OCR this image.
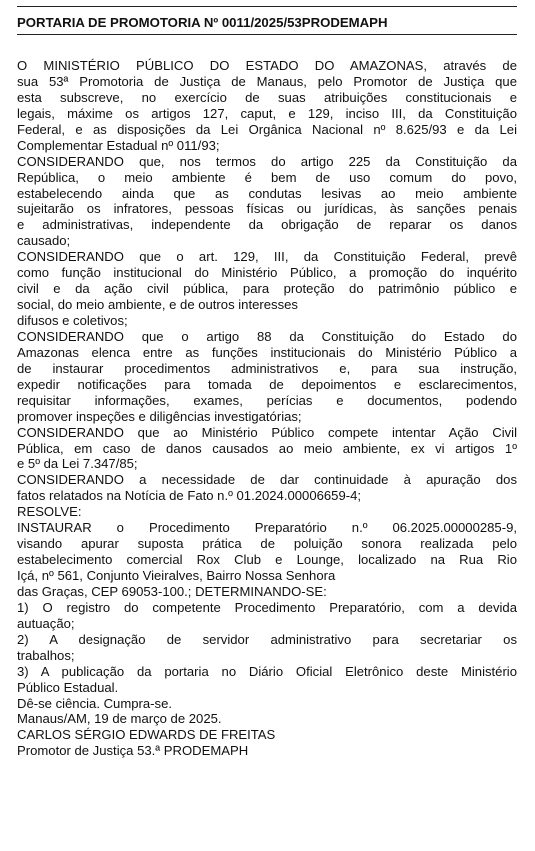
PORTARIA DE PROMOTORIA Nº 0011/2025/53PRODEMAPH
O MINISTÉRIO PÚBLICO DO ESTADO DO AMAZONAS, através de
sua 53ª Promotoria de Justiça de Manaus, pelo Promotor de Justiça que
esta subscreve, no exercício de suas atribuições constitucionais e
legais, máxime os artigos 127, caput, e 129, inciso III, da Constituição
Federal, e as disposições da Lei Orgânica Nacional nº 8.625/93 e da Lei
Complementar Estadual nº 011/93;
CONSIDERANDO que, nos termos do artigo 225 da Constituição da
República, o meio ambiente é bem de uso comum do povo,
estabelecendo ainda que as condutas lesivas ao meio ambiente
sujeitarão os infratores, pessoas físicas ou jurídicas, às sanções penais
e administrativas, independente da obrigação de reparar os danos
causado;
CONSIDERANDO que o art. 129, III, da Constituição Federal, prevê
como função institucional do Ministério Público, a promoção do inquérito
civil e da ação civil pública, para proteção do patrimônio público e
social, do meio ambiente, e de outros interesses
difusos e coletivos;
CONSIDERANDO que o artigo 88 da Constituição do Estado do
Amazonas elenca entre as funções institucionais do Ministério Público a
de instaurar procedimentos administrativos e, para sua instrução,
expedir notificações para tomada de depoimentos e esclarecimentos,
requisitar informações, exames, perícias e documentos, podendo
promover inspeções e diligências investigatórias;
CONSIDERANDO que ao Ministério Público compete intentar Ação Civil
Pública, em caso de danos causados ao meio ambiente, ex vi artigos 1º
e 5º da Lei 7.347/85;
CONSIDERANDO a necessidade de dar continuidade à apuração dos
fatos relatados na Notícia de Fato n.º 01.2024.00006659-4;
RESOLVE:
INSTAURAR o Procedimento Preparatório n.º 06.2025.00000285-9,
visando apurar suposta prática de poluição sonora realizada pelo
estabelecimento comercial Rox Club e Lounge, localizado na Rua Rio
Içá, nº 561, Conjunto Vieiralves, Bairro Nossa Senhora
das Graças, CEP 69053-100.; DETERMINANDO-SE:
1) O registro do competente Procedimento Preparatório, com a devida
autuação;
2) A designação de servidor administrativo para secretariar os
trabalhos;
3) A publicação da portaria no Diário Oficial Eletrônico deste Ministério
Público Estadual.
Dê-se ciência. Cumpra-se.
Manaus/AM, 19 de março de 2025.
CARLOS SÉRGIO EDWARDS DE FREITAS
Promotor de Justiça 53.ª PRODEMAPH
